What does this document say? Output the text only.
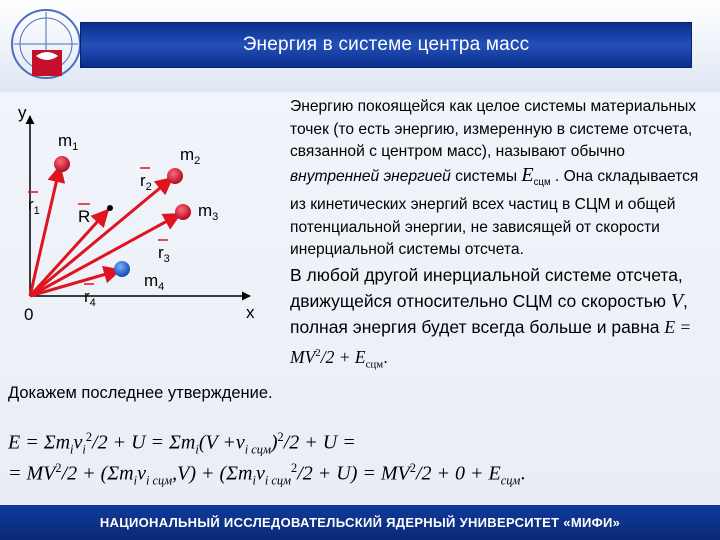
Энергия в системе центра масс
y
x
0
$m_1$	$m_2$
$m_3$
$m_4$
$r_1$
$r_2$
$r_3$
$r_4$
R

Энергию покоящейся как целое системы материальных точек (то есть энергию, измеренную в системе отсчета, связанной с центром масс), называют обычно внутренней энергией системы $E_{сцм}$ . Она складывается из кинетических энергий всех частиц в СЦМ и общей потенциальной энергии, не зависящей от скорости инерциальной системы отсчета.

В любой другой инерциальной системе отсчета, движущейся относительно СЦМ со скоростью V, полная энергия будет всегда больше и равна $E = MV^2/2 + E_{сцм}$.

Докажем последнее утверждение.
$E = \Sigma m_iv_i^2/2 + U = \Sigma m_i(V +v_{i сцм})^2/2 + U$ =
= $MV^2/2 + (\Sigma m_iv_{i сцм},V) + (\Sigma m_iv_{i сцм}^2/2 + U) = MV^2/2 + 0 + E_{сцм}$.
НАЦИОНАЛЬНЫЙ ИССЛЕДОВАТЕЛЬСКИЙ ЯДЕРНЫЙ УНИВЕРСИТЕТ «МИФИ»
